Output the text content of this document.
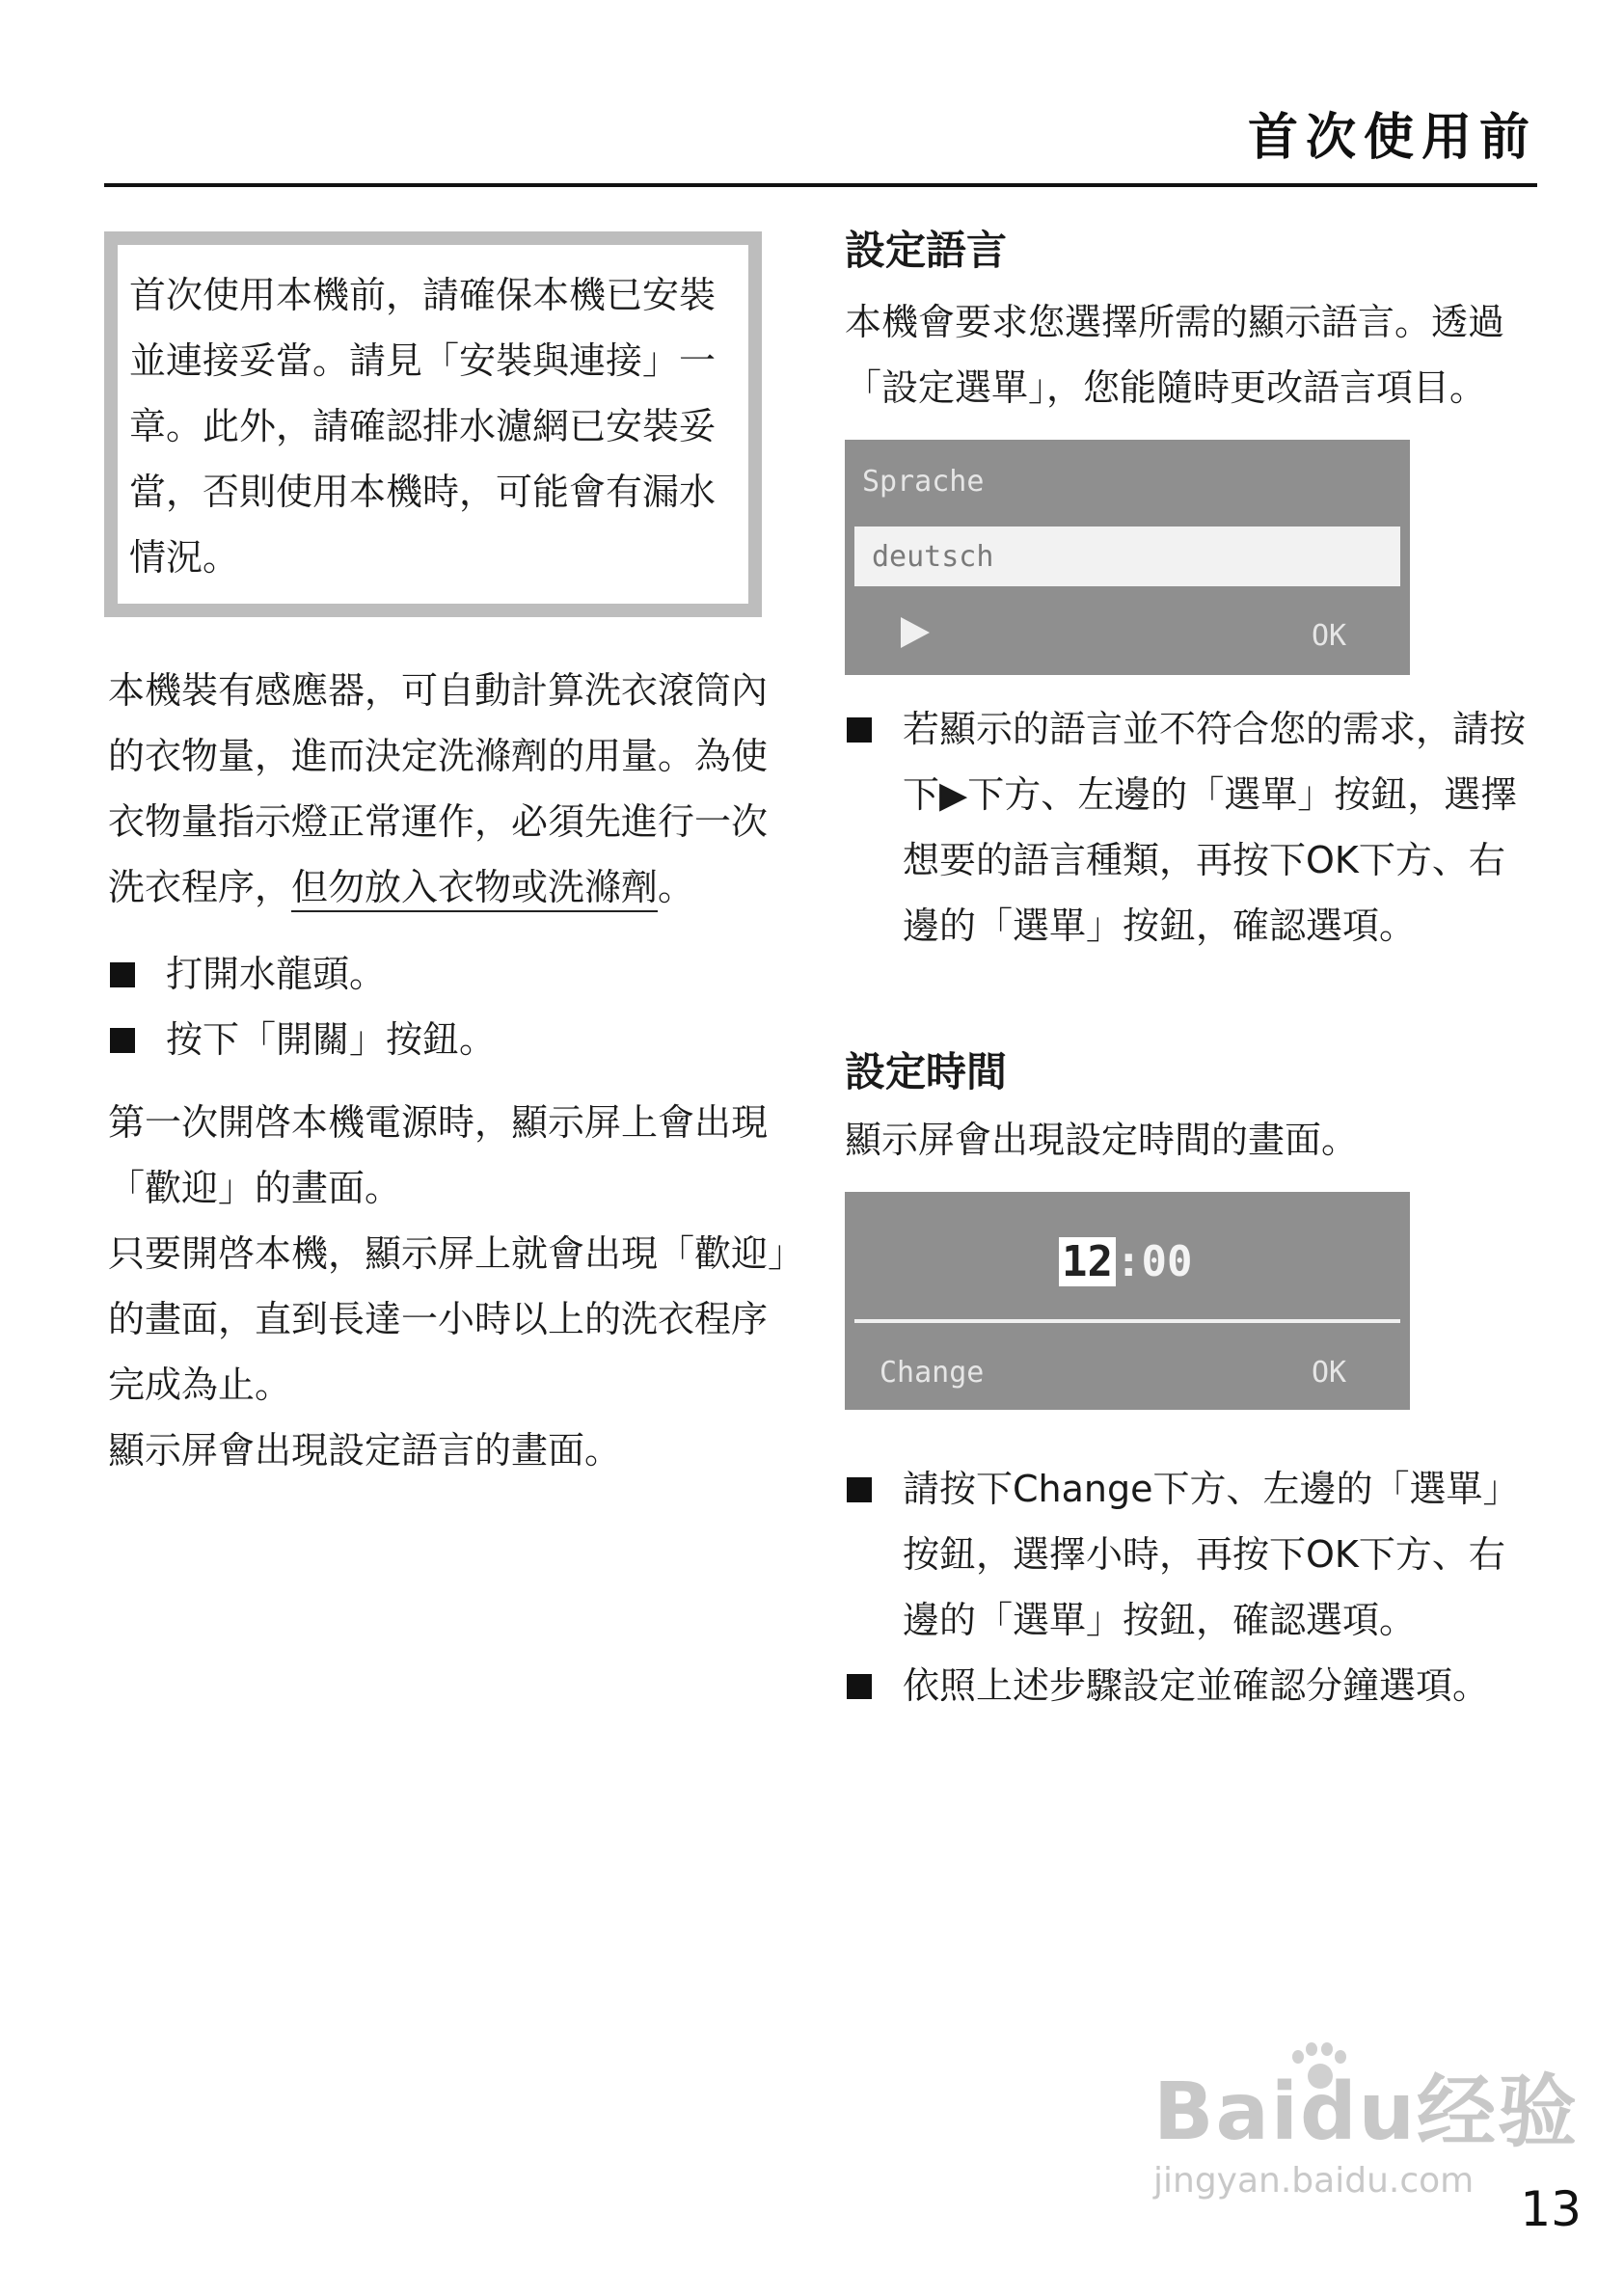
首次使用前

首次使用本機前，請確保本機已安裝並連接妥當。請見「安裝與連接」一章。此外，請確認排水濾網已安裝妥當，否則使用本機時，可能會有漏水情況。

本機裝有感應器，可自動計算洗衣滾筒內的衣物量，進而決定洗滌劑的用量。為使衣物量指示燈正常運作，必須先進行一次洗衣程序，但勿放入衣物或洗滌劑。

打開水龍頭。
按下「開關」按鈕。

第一次開啓本機電源時，顯示屏上會出現「歡迎」的畫面。

只要開啓本機，顯示屏上就會出現「歡迎」的畫面，直到長達一小時以上的洗衣程序完成為止。

顯示屏會出現設定語言的畫面。

設定語言

本機會要求您選擇所需的顯示語言。透過「設定選單」，您能隨時更改語言項目。

Sprache
deutsch
OK
若顯示的語言並不符合您的需求，請按下▶下方、左邊的「選單」按鈕，選擇想要的語言種類，再按下OK下方、右邊的「選單」按鈕，確認選項。
設定時間

顯示屏會出現設定時間的畫面。

12:00
Change	OK
請按下Change下方、左邊的「選單」按鈕，選擇小時，再按下OK下方、右邊的「選單」按鈕，確認選項。
依照上述步驟設定並確認分鐘選項。
Baidu经验
jingyan.baidu.com
13
